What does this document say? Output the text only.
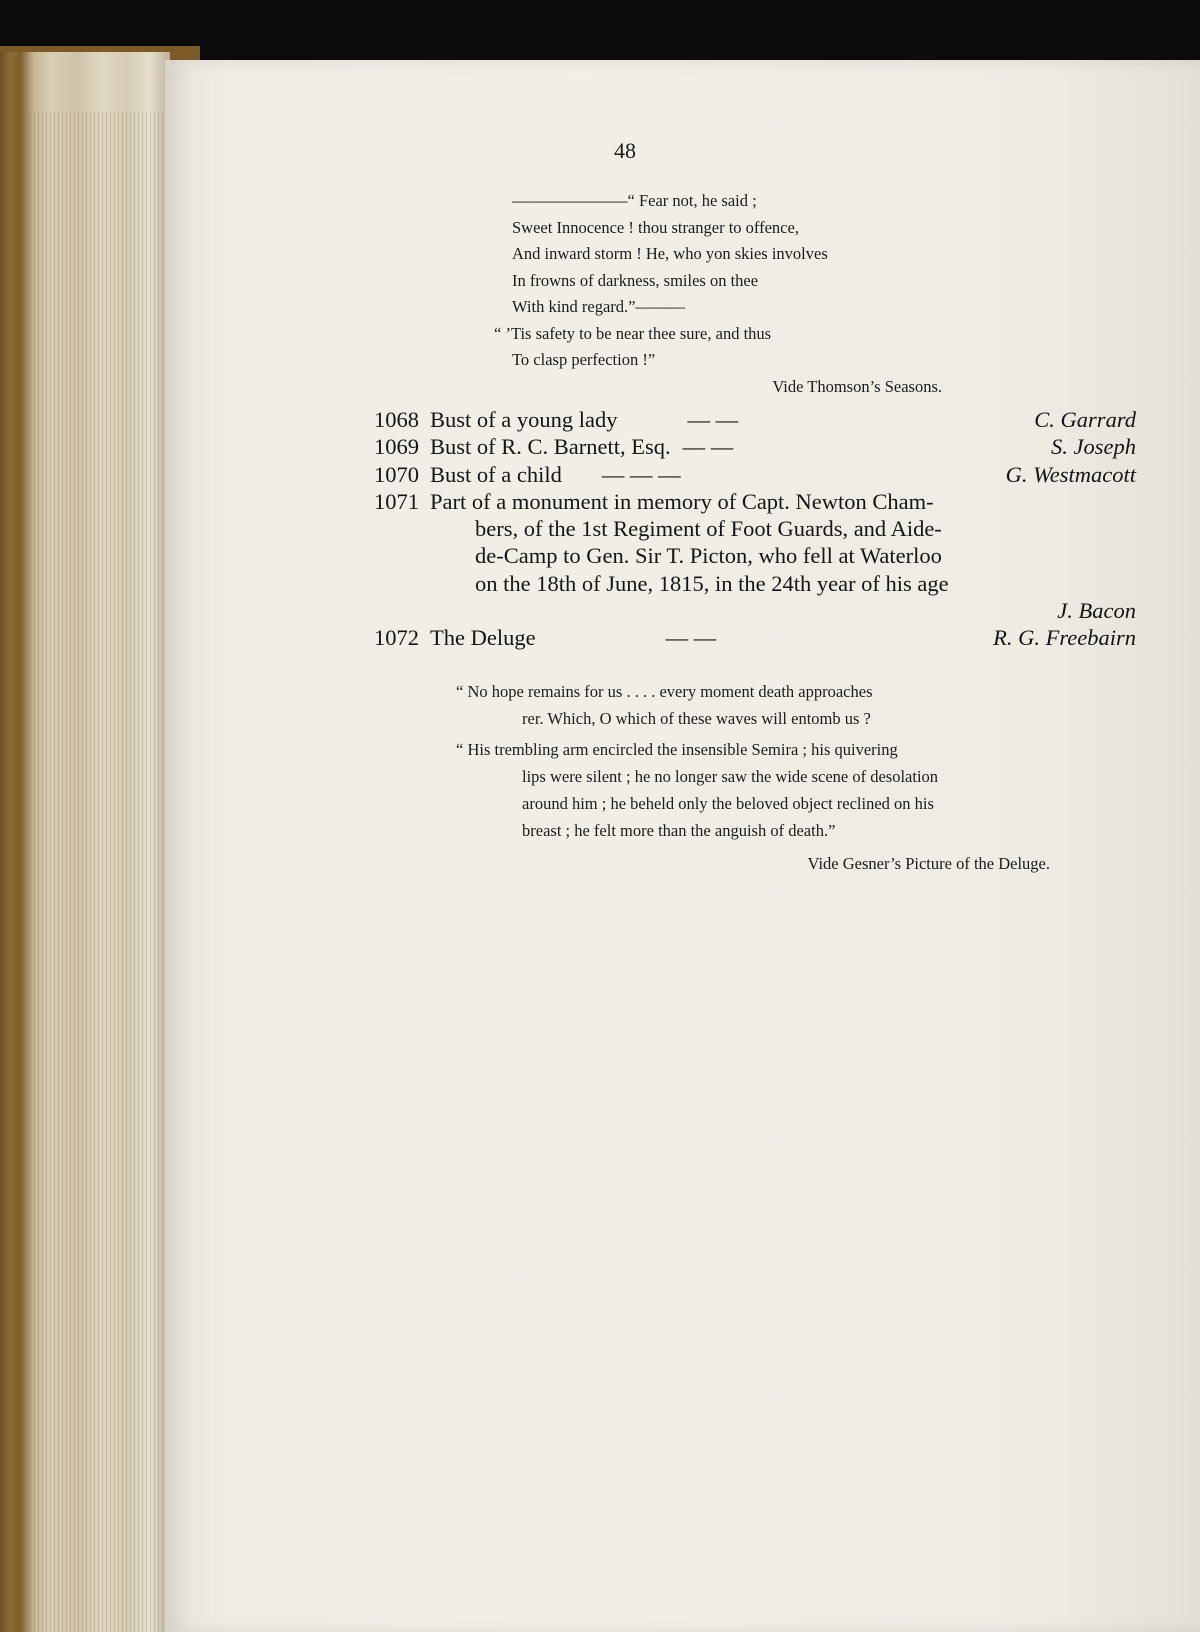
48
———————“ Fear not, he said ;
Sweet Innocence ! thou stranger to offence,
And inward storm ! He, who yon skies involves
In frowns of darkness, smiles on thee
With kind regard.”———
“ ’Tis safety to be near thee sure, and thus
To clasp perfection !”
Vide Thomson’s Seasons.
1068 Bust of a young lady	— —	C. Garrard
1069 Bust of R. C. Barnett, Esq. — —	S. Joseph
1070 Bust of a child — — —	G. Westmacott
1071 Part of a monument in memory of Capt. Newton Cham-
bers, of the 1st Regiment of Foot Guards, and Aide-
de-Camp to Gen. Sir T. Picton, who fell at Waterloo
on the 18th of June, 1815, in the 24th year of his age
J. Bacon
1072 The Deluge	— —	R. G. Freebairn
“ No hope remains for us . . . . every moment death approaches
rer. Which, O which of these waves will entomb us ?
“ His trembling arm encircled the insensible Semira ; his quivering
lips were silent ; he no longer saw the wide scene of desolation
around him ; he beheld only the beloved object reclined on his
breast ; he felt more than the anguish of death.”
Vide Gesner’s Picture of the Deluge.
